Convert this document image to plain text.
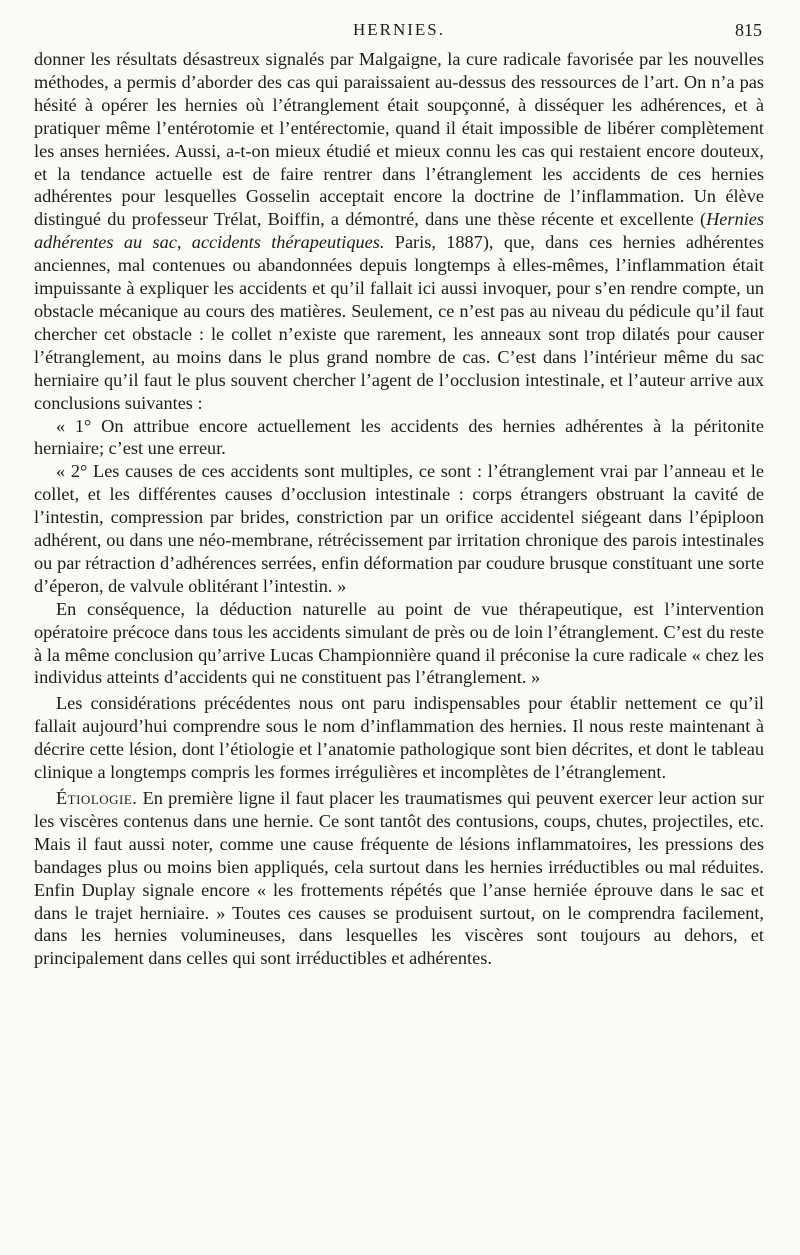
HERNIES.	815

donner les résultats désastreux signalés par Malgaigne, la cure radicale favorisée par les nouvelles méthodes, a permis d’aborder des cas qui paraissaient au-dessus des ressources de l’art. On n’a pas hésité à opérer les hernies où l’étranglement était soupçonné, à disséquer les adhérences, et à pratiquer même l’entérotomie et l’entérectomie, quand il était impossible de libérer complètement les anses herniées. Aussi, a-t-on mieux étudié et mieux connu les cas qui restaient encore douteux, et la tendance actuelle est de faire rentrer dans l’étranglement les accidents de ces hernies adhérentes pour lesquelles Gosselin acceptait encore la doctrine de l’inflammation. Un élève distingué du professeur Trélat, Boiffin, a démontré, dans une thèse récente et excellente (Hernies adhérentes au sac, accidents thérapeutiques. Paris, 1887), que, dans ces hernies adhérentes anciennes, mal contenues ou abandonnées depuis longtemps à elles-mêmes, l’inflammation était impuissante à expliquer les accidents et qu’il fallait ici aussi invoquer, pour s’en rendre compte, un obstacle mécanique au cours des matières. Seulement, ce n’est pas au niveau du pédicule qu’il faut chercher cet obstacle : le collet n’existe que rarement, les anneaux sont trop dilatés pour causer l’étranglement, au moins dans le plus grand nombre de cas. C’est dans l’intérieur même du sac herniaire qu’il faut le plus souvent chercher l’agent de l’occlusion intestinale, et l’auteur arrive aux conclusions suivantes :

« 1° On attribue encore actuellement les accidents des hernies adhérentes à la péritonite herniaire; c’est une erreur.

« 2° Les causes de ces accidents sont multiples, ce sont : l’étranglement vrai par l’anneau et le collet, et les différentes causes d’occlusion intestinale : corps étrangers obstruant la cavité de l’intestin, compression par brides, constriction par un orifice accidentel siégeant dans l’épiploon adhérent, ou dans une néo-membrane, rétrécissement par irritation chronique des parois intestinales ou par rétraction d’adhérences serrées, enfin déformation par coudure brusque constituant une sorte d’éperon, de valvule oblitérant l’intestin. »

En conséquence, la déduction naturelle au point de vue thérapeutique, est l’intervention opératoire précoce dans tous les accidents simulant de près ou de loin l’étranglement. C’est du reste à la même conclusion qu’arrive Lucas Championnière quand il préconise la cure radicale « chez les individus atteints d’accidents qui ne constituent pas l’étranglement. »

Les considérations précédentes nous ont paru indispensables pour établir nettement ce qu’il fallait aujourd’hui comprendre sous le nom d’inflammation des hernies. Il nous reste maintenant à décrire cette lésion, dont l’étiologie et l’anatomie pathologique sont bien décrites, et dont le tableau clinique a longtemps compris les formes irrégulières et incomplètes de l’étranglement.

Étiologie. En première ligne il faut placer les traumatismes qui peuvent exercer leur action sur les viscères contenus dans une hernie. Ce sont tantôt des contusions, coups, chutes, projectiles, etc. Mais il faut aussi noter, comme une cause fréquente de lésions inflammatoires, les pressions des bandages plus ou moins bien appliqués, cela surtout dans les hernies irréductibles ou mal réduites. Enfin Duplay signale encore « les frottements répétés que l’anse herniée éprouve dans le sac et dans le trajet herniaire. » Toutes ces causes se produisent surtout, on le comprendra facilement, dans les hernies volumineuses, dans lesquelles les viscères sont toujours au dehors, et principalement dans celles qui sont irréductibles et adhérentes.
